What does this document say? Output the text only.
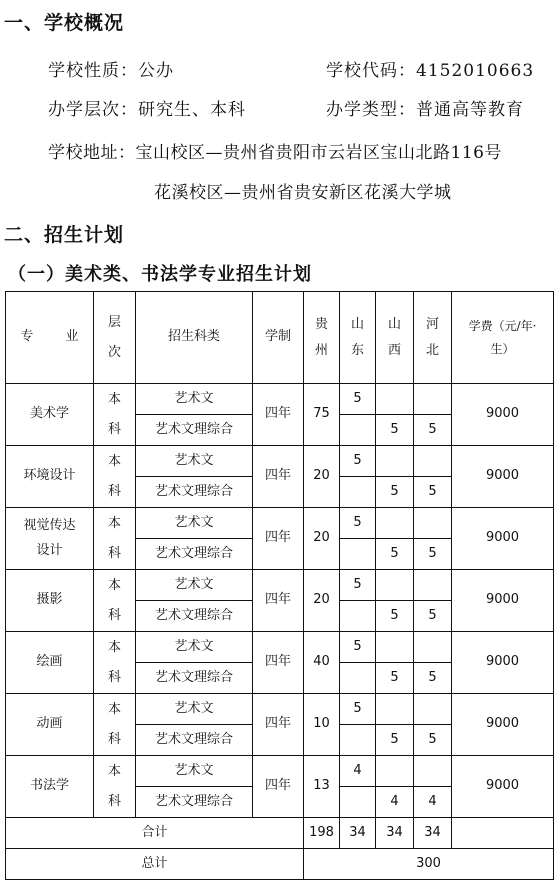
一、学校概况
学校性质：公办	学校代码：4152010663
办学层次：研究生、本科	办学类型：普通高等教育
学校地址：宝山校区—贵州省贵阳市云岩区宝山北路116号
花溪校区—贵州省贵安新区花溪大学城
二、招生计划
（一）美术类、书法学专业招生计划
专 业	层次	招生科类	学制	贵州	山东	山西	河北	学费（元/年·生）
美术学	本科	艺术文	四年	75	5			9000
		艺术文理综合				5	5	
环境设计	本科	艺术文	四年	20	5			9000
		艺术文理综合				5	5	
视觉传达设计	本科	艺术文	四年	20	5			9000
		艺术文理综合				5	5	
摄影	本科	艺术文	四年	20	5			9000
		艺术文理综合				5	5	
绘画	本科	艺术文	四年	40	5			9000
		艺术文理综合				5	5	
动画	本科	艺术文	四年	10	5			9000
		艺术文理综合				5	5	
书法学	本科	艺术文	四年	13	4			9000
		艺术文理综合				4	4	
合计				198	34	34	34	
总计				300				
